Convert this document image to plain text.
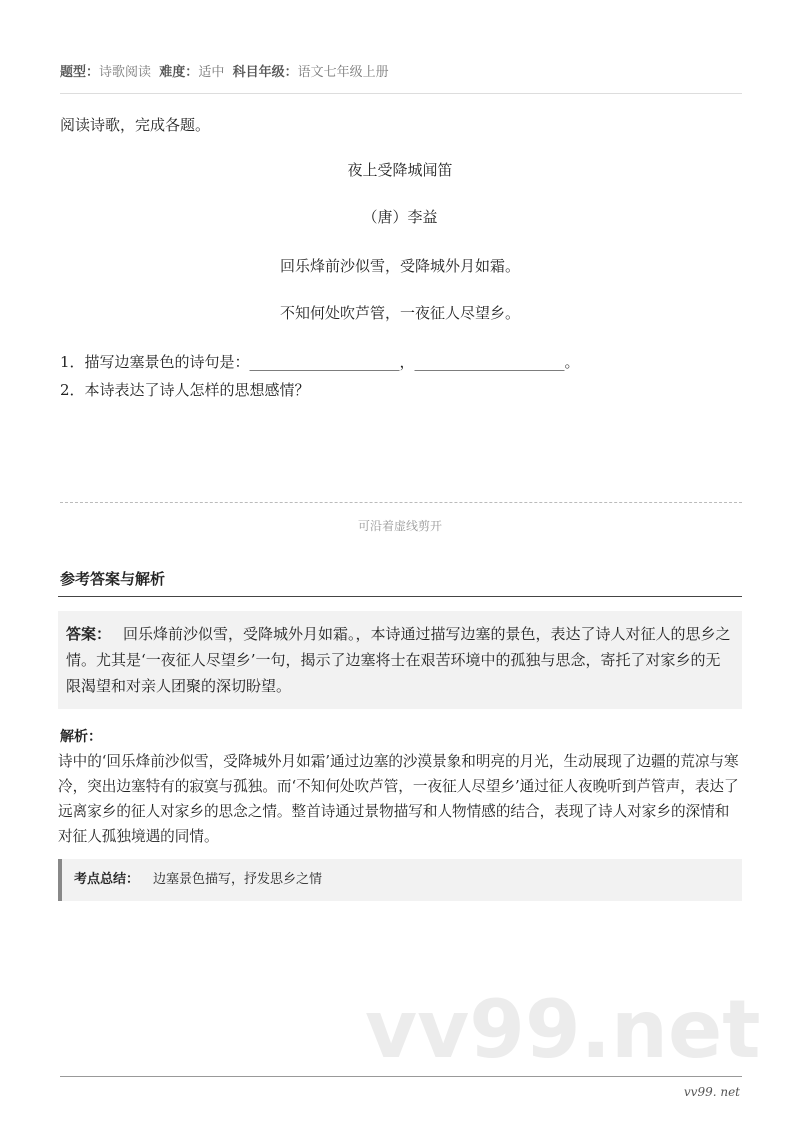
题型：诗歌阅读 难度：适中 科目年级：语文七年级上册
阅读诗歌，完成各题。
夜上受降城闻笛
（唐）李益
回乐烽前沙似雪，受降城外月如霜。
不知何处吹芦管，一夜征人尽望乡。
1．描写边塞景色的诗句是：____________________，____________________。
2．本诗表达了诗人怎样的思想感情？
可沿着虚线剪开
参考答案与解析
答案： 回乐烽前沙似雪，受降城外月如霜。，本诗通过描写边塞的景色，表达了诗人对征人的思乡之情。尤其是‘一夜征人尽望乡’一句，揭示了边塞将士在艰苦环境中的孤独与思念，寄托了对家乡的无限渴望和对亲人团聚的深切盼望。
解析：
诗中的‘回乐烽前沙似雪，受降城外月如霜’通过边塞的沙漠景象和明亮的月光，生动展现了边疆的荒凉与寒冷，突出边塞特有的寂寞与孤独。而‘不知何处吹芦管，一夜征人尽望乡’通过征人夜晚听到芦管声，表达了远离家乡的征人对家乡的思念之情。整首诗通过景物描写和人物情感的结合，表现了诗人对家乡的深情和对征人孤独境遇的同情。
考点总结： 边塞景色描写，抒发思乡之情
vv99.net
vv99. net
